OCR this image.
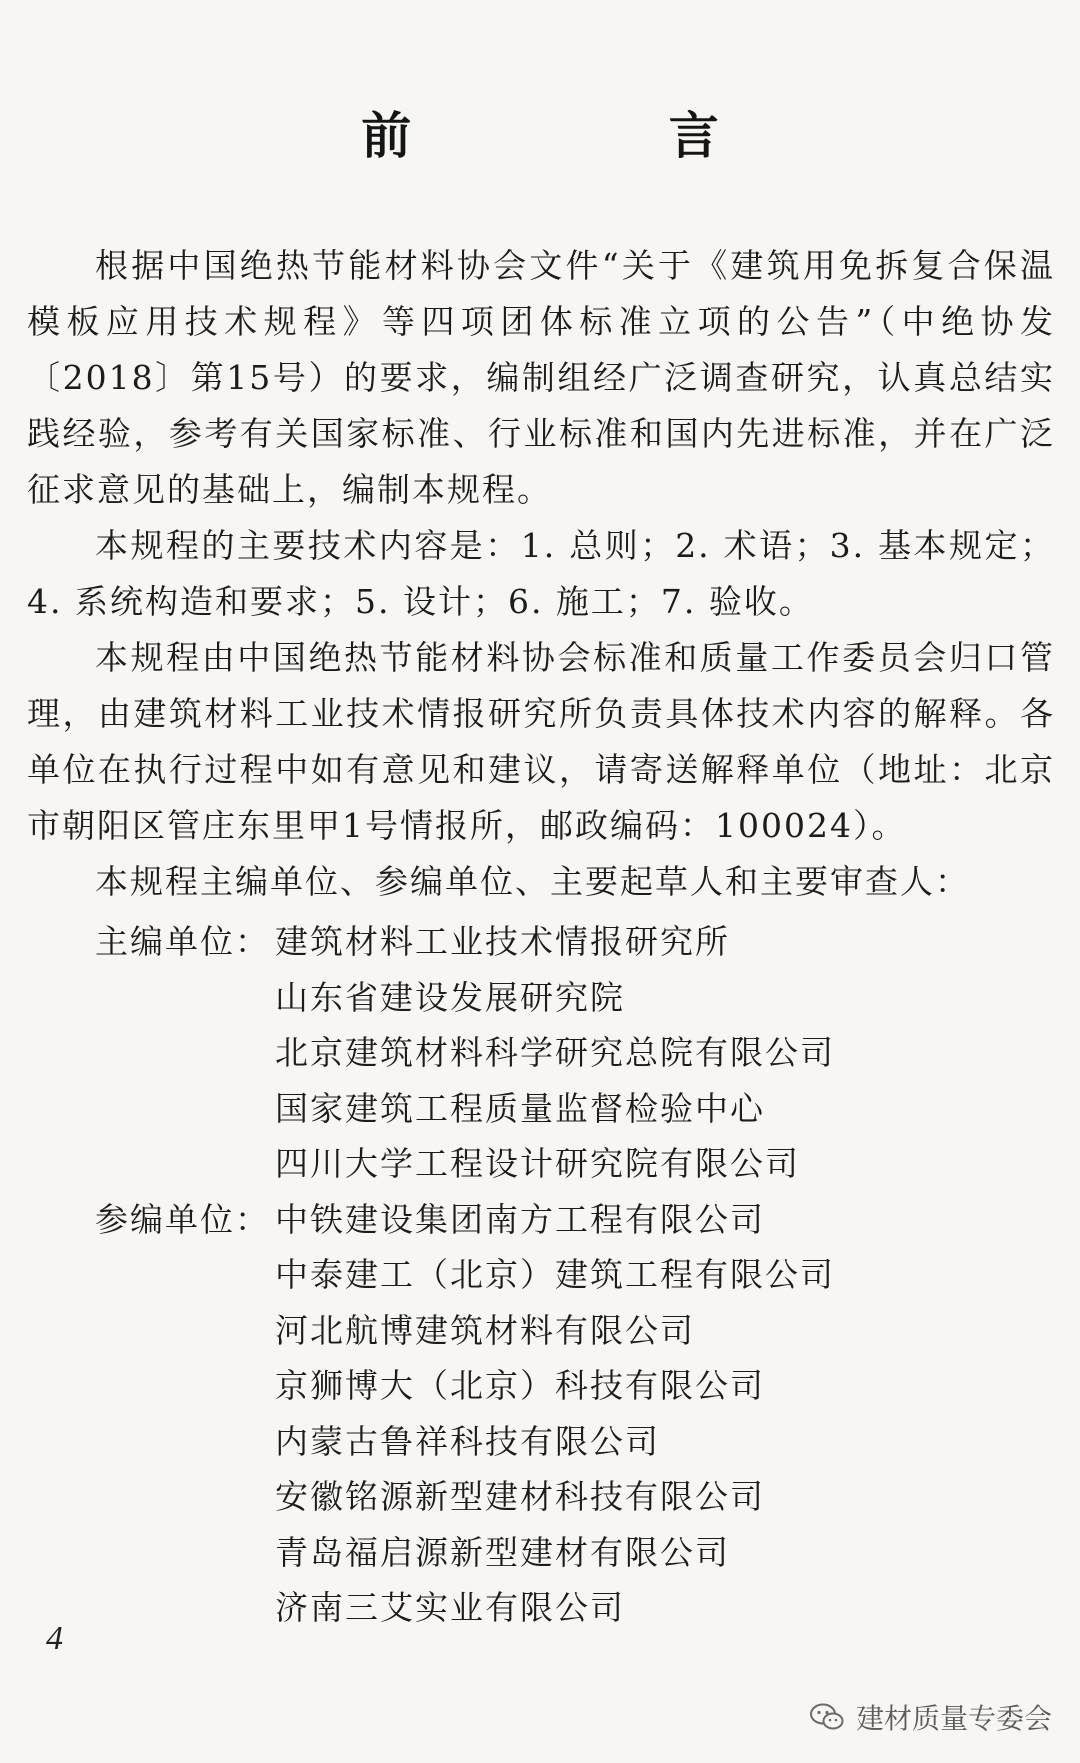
前 言

根据中国绝热节能材料协会文件“关于《建筑用免拆复合保温模板应用技术规程》等四项团体标准立项的公告”（中绝协发〔2018〕第15号）的要求，编制组经广泛调查研究，认真总结实践经验，参考有关国家标准、行业标准和国内先进标准，并在广泛征求意见的基础上，编制本规程。

本规程的主要技术内容是：1. 总则；2. 术语；3. 基本规定；4. 系统构造和要求；5. 设计；6. 施工；7. 验收。

本规程由中国绝热节能材料协会标准和质量工作委员会归口管理，由建筑材料工业技术情报研究所负责具体技术内容的解释。各单位在执行过程中如有意见和建议，请寄送解释单位（地址：北京市朝阳区管庄东里甲1号情报所，邮政编码：100024）。

本规程主编单位、参编单位、主要起草人和主要审查人：

主编单位： 建筑材料工业技术情报研究所
山东省建设发展研究院
北京建筑材料科学研究总院有限公司
国家建筑工程质量监督检验中心
四川大学工程设计研究院有限公司
参编单位： 中铁建设集团南方工程有限公司
中泰建工（北京）建筑工程有限公司
河北航博建筑材料有限公司
京狮博大（北京）科技有限公司
内蒙古鲁祥科技有限公司
安徽铭源新型建材科技有限公司
青岛福启源新型建材有限公司
济南三艾实业有限公司
4
建材质量专委会
